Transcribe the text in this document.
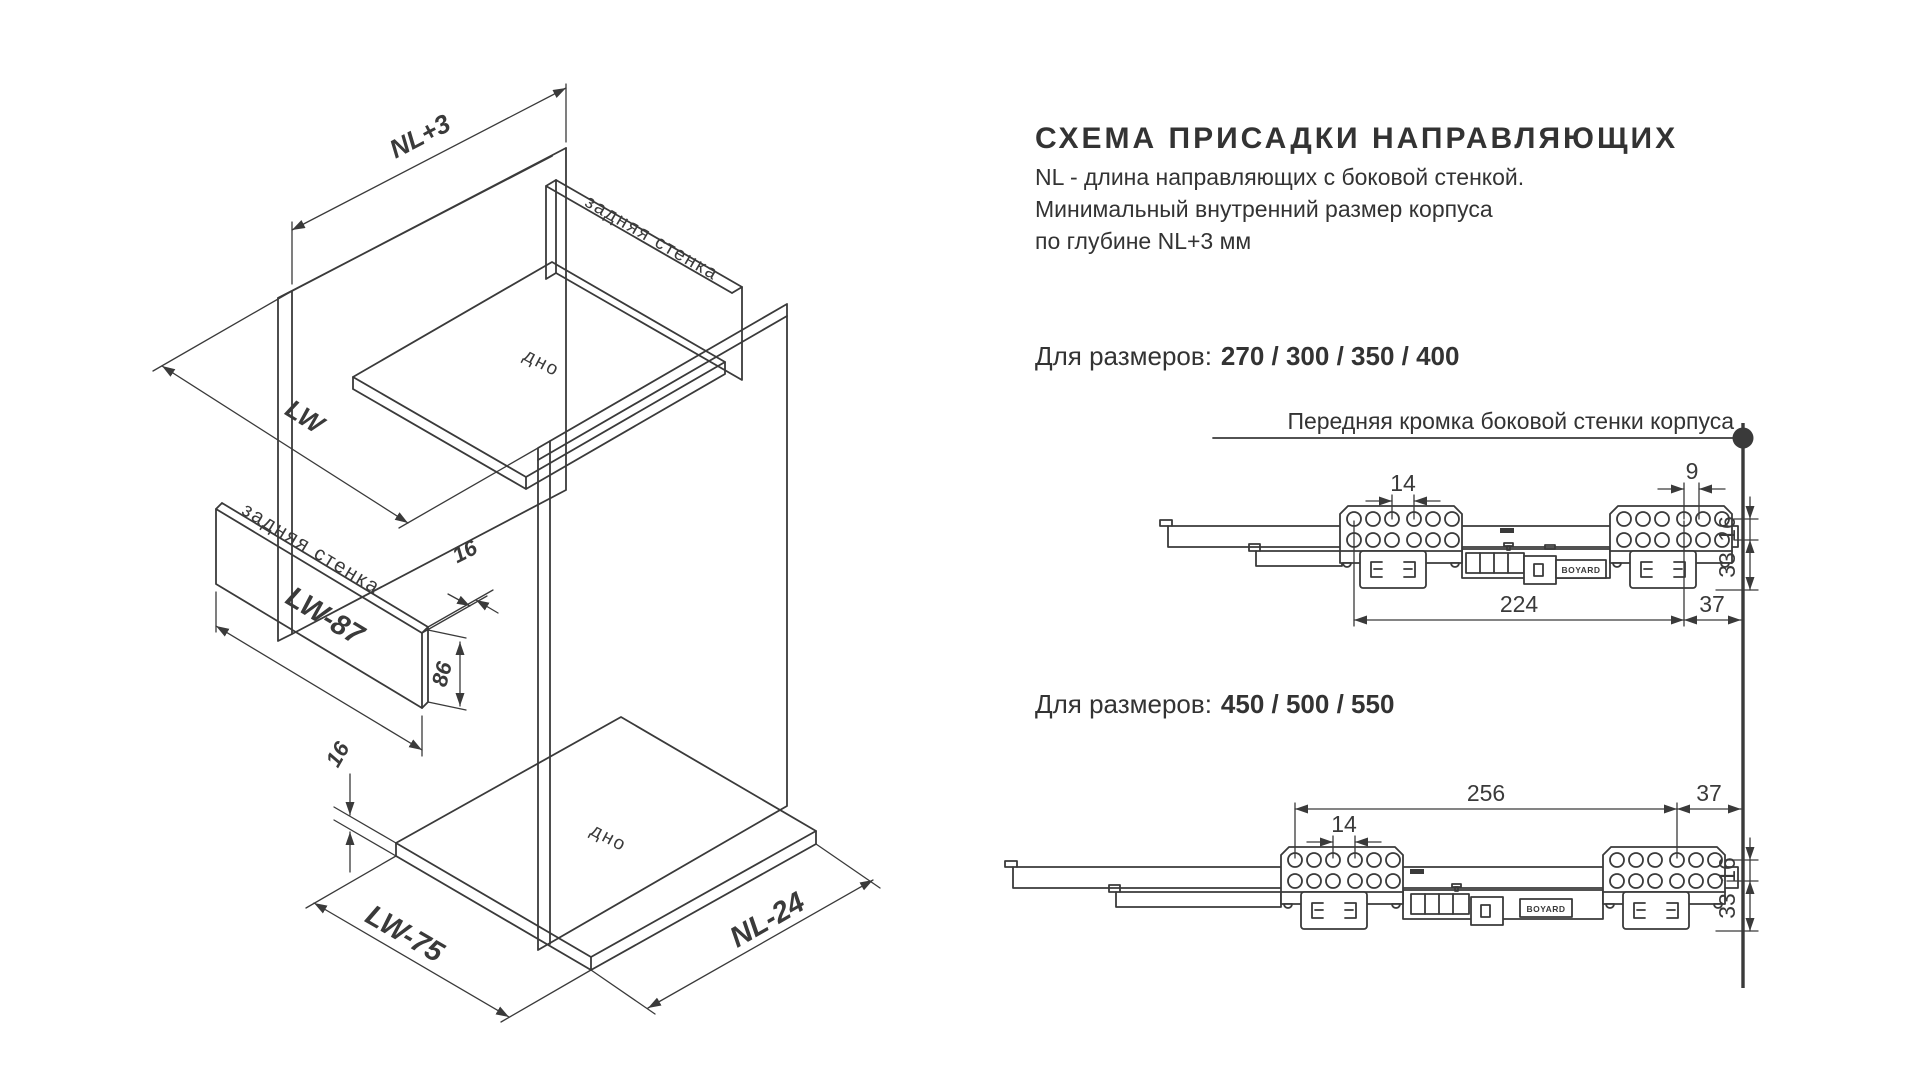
NL+3
LW
задняя стенка
дно
задняя стенка
LW-87
16
86
дно
16
LW-75	NL-24
BOYARD
14	9
224	37
16
33
BOYARD
256	37
14
16
33
СХЕМА ПРИСАДКИ НАПРАВЛЯЮЩИХ
NL - длина направляющих с боковой стенкой.
Минимальный внутренний размер корпуса
по глубине NL+3 мм
Для размеров: 270 / 300 / 350 / 400
Для размеров: 450 / 500 / 550
Передняя кромка боковой стенки корпуса
